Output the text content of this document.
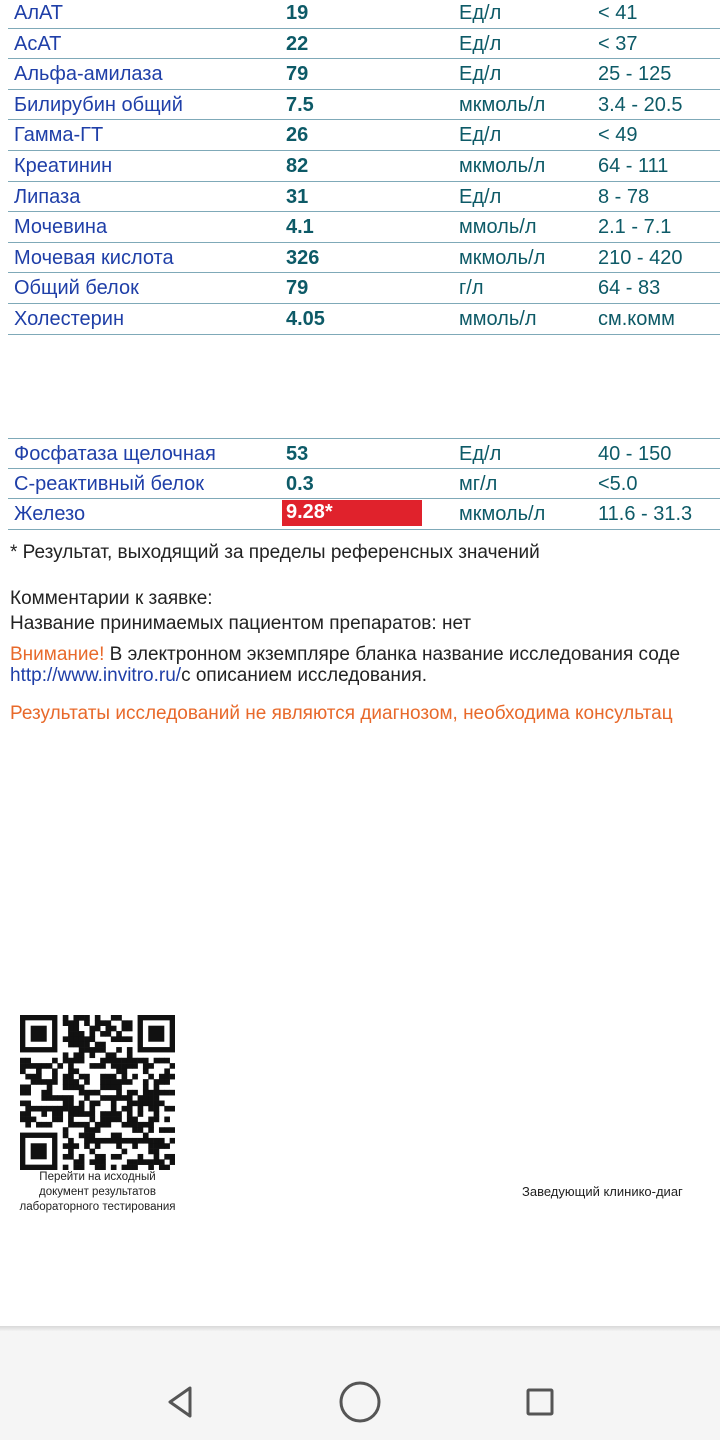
АлАТ	19	Ед/л	< 41
АсАТ	22	Ед/л	< 37
Альфа-амилаза	79	Ед/л	25 - 125
Билирубин общий	7.5	мкмоль/л	3.4 - 20.5
Гамма-ГТ	26	Ед/л	< 49
Креатинин	82	мкмоль/л	64 - 111
Липаза	31	Ед/л	8 - 78
Мочевина	4.1	ммоль/л	2.1 - 7.1
Мочевая кислота	326	мкмоль/л	210 - 420
Общий белок	79	г/л	64 - 83
Холестерин	4.05	ммоль/л	см.комм
Фосфатаза щелочная	53	Ед/л	40 - 150
С-реактивный белок	0.3	мг/л	<5.0
Железо	9.28*	мкмоль/л	11.6 - 31.3
* Результат, выходящий за пределы референсных значений
Комментарии к заявке:
Название принимаемых пациентом препаратов: нет
Внимание! В электронном экземпляре бланка название исследования соде
http://www.invitro.ru/с описанием исследования.
Результаты исследований не являются диагнозом, необходима консультац
Перейти на исходный
документ результатов
лабораторного тестирования
Заведующий клинико-диаг
